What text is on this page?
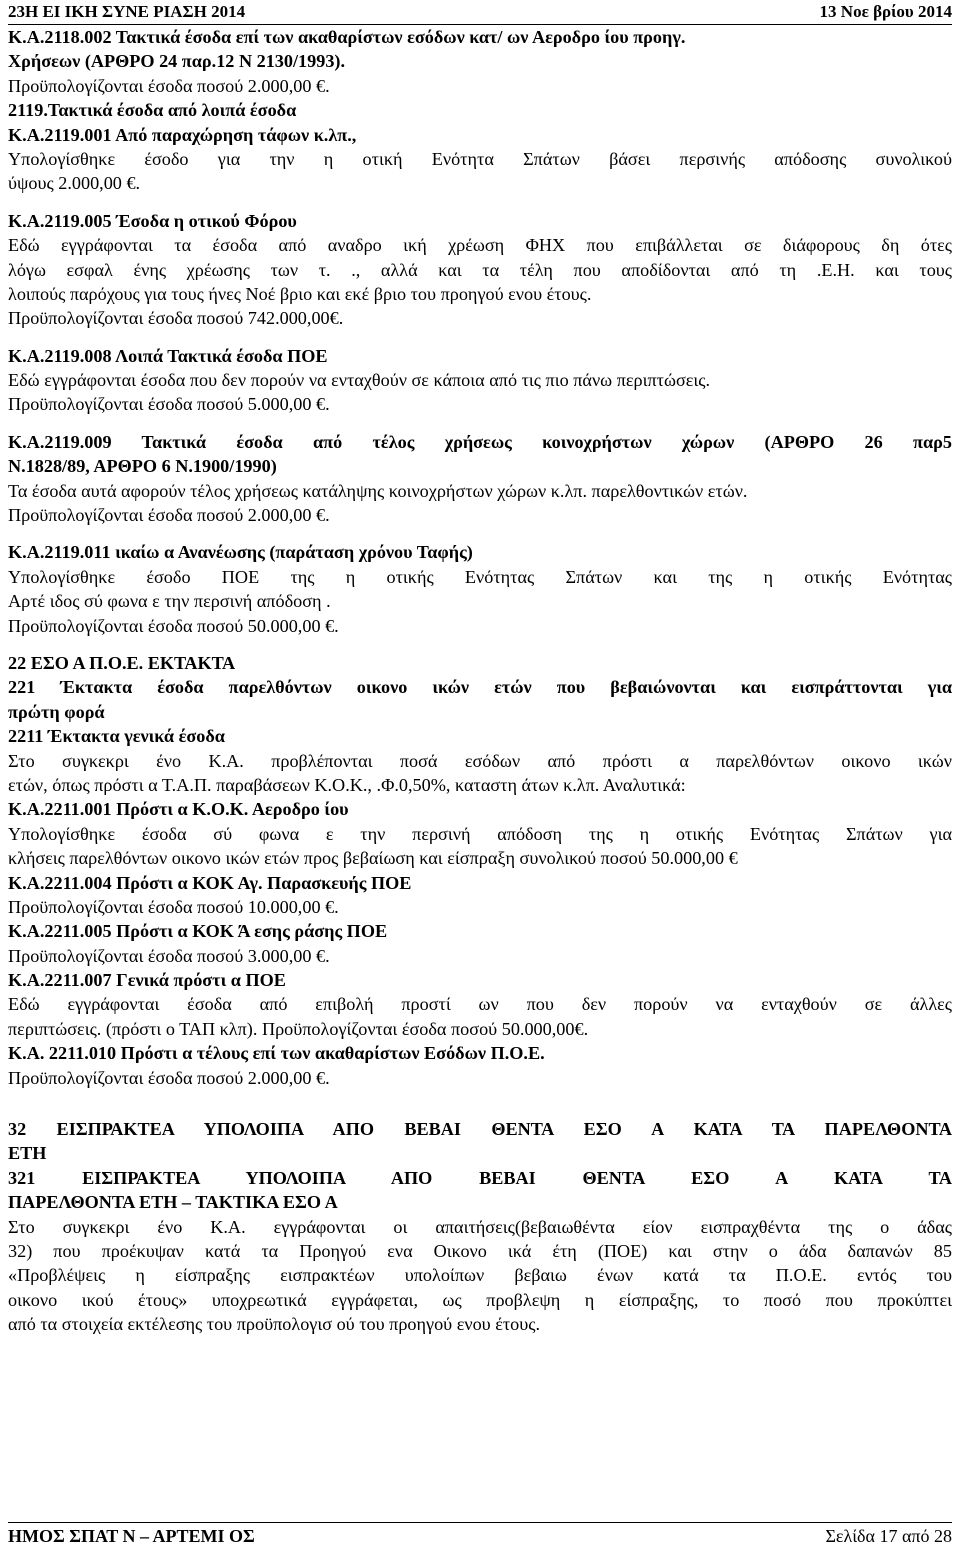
23Η ΕΙ ΙΚΗ ΣΥΝΕ ΡΙΑΣΗ 2014	13 Νοε βρίου 2014
Κ.Α.2118.002 Τακτικά έσοδα επί των ακαθαρίστων εσόδων κατ/ ων Αεροδρο ίου προηγ.
Χρήσεων (ΑΡΘΡΟ 24 παρ.12 Ν 2130/1993).
Προϋπολογίζονται έσοδα ποσού 2.000,00 €.
2119.Τακτικά έσοδα από λοιπά έσοδα
Κ.Α.2119.001 Από παραχώρηση τάφων κ.λπ.,
Υπολογίσθηκε έσοδο για την η οτική Ενότητα Σπάτων βάσει περσινής απόδοσης συνολικού
ύψους 2.000,00 €.
Κ.Α.2119.005 Έσοδα η οτικού Φόρου
Εδώ εγγράφονται τα έσοδα από αναδρο ική χρέωση ΦΗΧ που επιβάλλεται σε διάφορους δη ότες
λόγω εσφαλ ένης χρέωσης των τ. ., αλλά και τα τέλη που αποδίδονται από τη .Ε.Η. και τους
λοιπούς παρόχους για τους ήνες Νοέ βριο και εκέ βριο του προηγού ενου έτους.
Προϋπολογίζονται έσοδα ποσού 742.000,00€.
Κ.Α.2119.008 Λοιπά Τακτικά έσοδα ΠΟΕ
Εδώ εγγράφονται έσοδα που δεν πορούν να ενταχθούν σε κάποια από τις πιο πάνω περιπτώσεις.
Προϋπολογίζονται έσοδα ποσού 5.000,00 €.
Κ.Α.2119.009 Τακτικά έσοδα από τέλος χρήσεως κοινοχρήστων χώρων (ΑΡΘΡΟ 26 παρ5
Ν.1828/89, ΑΡΘΡΟ 6 Ν.1900/1990)
Τα έσοδα αυτά αφορούν τέλος χρήσεως κατάληψης κοινοχρήστων χώρων κ.λπ. παρελθοντικών ετών.
Προϋπολογίζονται έσοδα ποσού 2.000,00 €.
Κ.Α.2119.011 ικαίω α Ανανέωσης (παράταση χρόνου Ταφής)
Υπολογίσθηκε έσοδο ΠΟΕ της η οτικής Ενότητας Σπάτων και της η οτικής Ενότητας
Αρτέ ιδος σύ φωνα ε την περσινή απόδοση .
Προϋπολογίζονται έσοδα ποσού 50.000,00 €.
22 ΕΣΟ Α Π.Ο.Ε. ΕΚΤΑΚΤΑ
221 Έκτακτα έσοδα παρελθόντων οικονο ικών ετών που βεβαιώνονται και εισπράττονται για
πρώτη φορά
2211 Έκτακτα γενικά έσοδα
Στο συγκεκρι ένο Κ.Α. προβλέπονται ποσά εσόδων από πρόστι α παρελθόντων οικονο ικών
ετών, όπως πρόστι α Τ.Α.Π. παραβάσεων Κ.Ο.Κ., .Φ.0,50%, καταστη άτων κ.λπ. Αναλυτικά:
Κ.Α.2211.001 Πρόστι α Κ.Ο.Κ. Αεροδρο ίου
Υπολογίσθηκε έσοδα σύ φωνα ε την περσινή απόδοση της η οτικής Ενότητας Σπάτων για
κλήσεις παρελθόντων οικονο ικών ετών προς βεβαίωση και είσπραξη συνολικού ποσού 50.000,00 €
Κ.Α.2211.004 Πρόστι α ΚΟΚ Αγ. Παρασκευής ΠΟΕ
Προϋπολογίζονται έσοδα ποσού 10.000,00 €.
Κ.Α.2211.005 Πρόστι α ΚΟΚ Ά εσης ράσης ΠΟΕ
Προϋπολογίζονται έσοδα ποσού 3.000,00 €.
Κ.Α.2211.007 Γενικά πρόστι α ΠΟΕ
Εδώ εγγράφονται έσοδα από επιβολή προστί ων που δεν πορούν να ενταχθούν σε άλλες
περιπτώσεις. (πρόστι ο ΤΑΠ κλπ). Προϋπολογίζονται έσοδα ποσού 50.000,00€.
Κ.Α. 2211.010 Πρόστι α τέλους επί των ακαθαρίστων Εσόδων Π.Ο.Ε.
Προϋπολογίζονται έσοδα ποσού 2.000,00 €.
32 ΕΙΣΠΡΑΚΤΕΑ ΥΠΟΛΟΙΠΑ ΑΠΟ ΒΕΒΑΙ ΘΕΝΤΑ ΕΣΟ Α ΚΑΤΑ ΤΑ ΠΑΡΕΛΘΟΝΤΑ
ΕΤΗ
321 ΕΙΣΠΡΑΚΤΕΑ ΥΠΟΛΟΙΠΑ ΑΠΟ ΒΕΒΑΙ ΘΕΝΤΑ ΕΣΟ Α ΚΑΤΑ ΤΑ
ΠΑΡΕΛΘΟΝΤΑ ΕΤΗ – ΤΑΚΤΙΚΑ ΕΣΟ Α
Στο συγκεκρι ένο Κ.Α. εγγράφονται οι απαιτήσεις(βεβαιωθέντα είον εισπραχθέντα της ο άδας
32) που προέκυψαν κατά τα Προηγού ενα Οικονο ικά έτη (ΠΟΕ) και στην ο άδα δαπανών 85
«Προβλέψεις η είσπραξης εισπρακτέων υπολοίπων βεβαιω ένων κατά τα Π.Ο.Ε. εντός του
οικονο ικού έτους» υποχρεωτικά εγγράφεται, ως προβλεψη η είσπραξης, το ποσό που προκύπτει
από τα στοιχεία εκτέλεσης του προϋπολογισ ού του προηγού ενου έτους.
ΗΜΟΣ ΣΠΑΤ Ν – ΑΡΤΕΜΙ ΟΣ	Σελίδα 17 από 28
